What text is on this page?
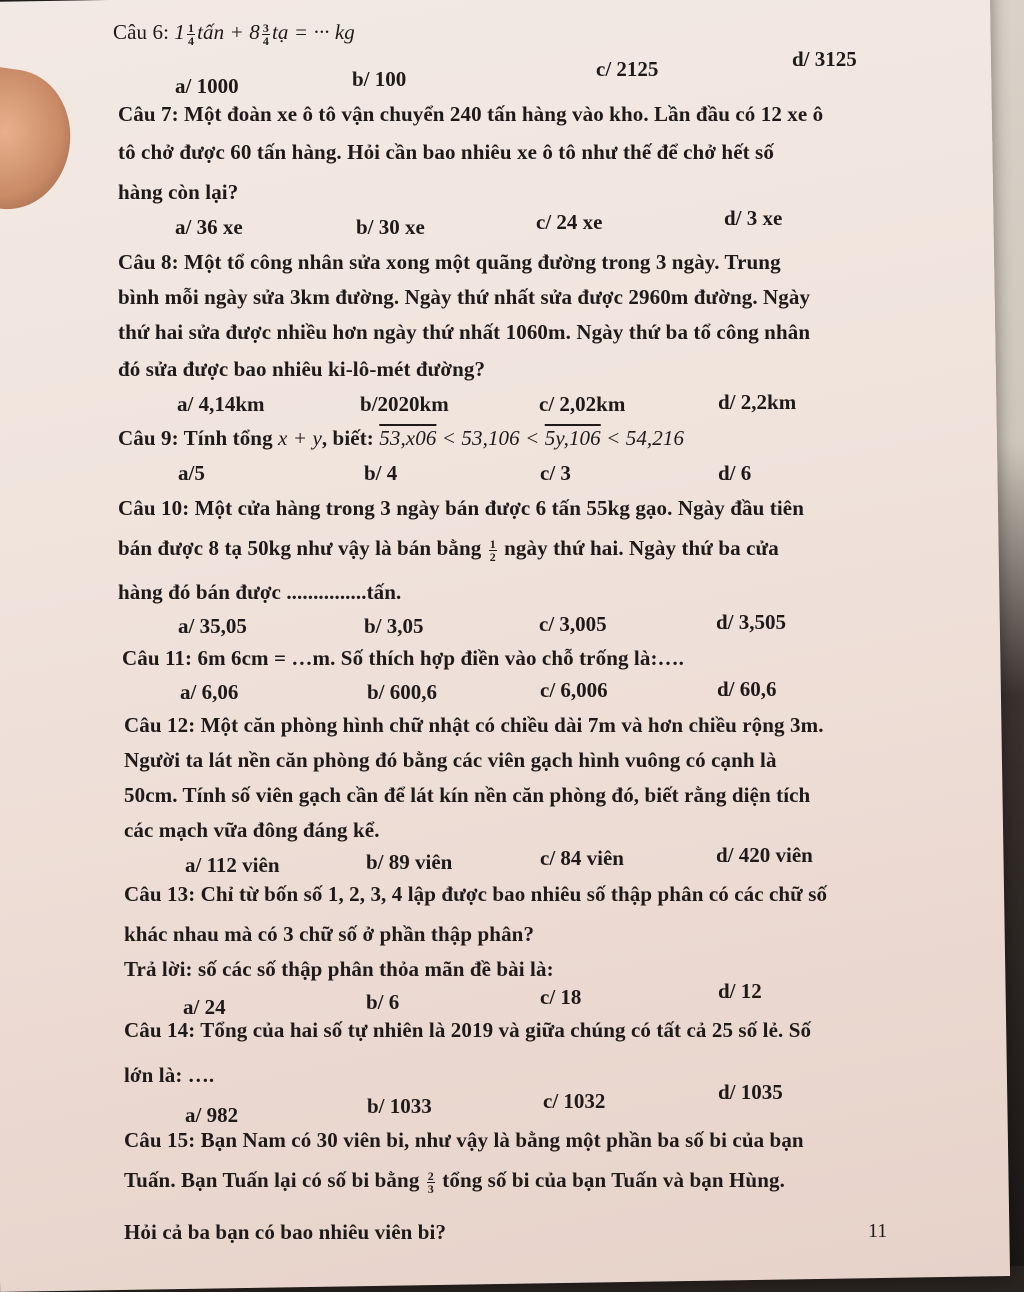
Câu 6: $1 \frac{1}{4}$ tấn + $8 \frac{3}{4}$ tạ = ··· kg
a/ 1000	b/ 100	c/ 2125	d/ 3125
Câu 7: Một đoàn xe ô tô vận chuyển 240 tấn hàng vào kho. Lần đầu có 12 xe ô
tô chở được 60 tấn hàng. Hỏi cần bao nhiêu xe ô tô như thế để chở hết số
hàng còn lại?
a/ 36 xe	b/ 30 xe	c/ 24 xe	d/ 3 xe
Câu 8: Một tổ công nhân sửa xong một quãng đường trong 3 ngày. Trung
bình mỗi ngày sửa 3km đường. Ngày thứ nhất sửa được 2960m đường. Ngày
thứ hai sửa được nhiều hơn ngày thứ nhất 1060m. Ngày thứ ba tổ công nhân
đó sửa được bao nhiêu ki-lô-mét đường?
a/ 4,14km	b/2020km	c/ 2,02km	d/ 2,2km
Câu 9: Tính tổng x + y, biết: 53,x06 < 53,106 < 5y,106 < 54,216
a/5	b/ 4	c/ 3	d/ 6
Câu 10: Một cửa hàng trong 3 ngày bán được 6 tấn 55kg gạo. Ngày đầu tiên
bán được 8 tạ 50kg như vậy là bán bằng $\frac{1}{2}$ ngày thứ hai. Ngày thứ ba cửa
hàng đó bán được ...............tấn.
a/ 35,05	b/ 3,05	c/ 3,005	d/ 3,505
Câu 11: 6m 6cm = …m. Số thích hợp điền vào chỗ trống là:….
a/ 6,06	b/ 600,6	c/ 6,006	d/ 60,6
Câu 12: Một căn phòng hình chữ nhật có chiều dài 7m và hơn chiều rộng 3m.
Người ta lát nền căn phòng đó bằng các viên gạch hình vuông có cạnh là
50cm. Tính số viên gạch cần để lát kín nền căn phòng đó, biết rằng diện tích
các mạch vữa đông đáng kể.
a/ 112 viên	b/ 89 viên	c/ 84 viên	d/ 420 viên
Câu 13: Chỉ từ bốn số 1, 2, 3, 4 lập được bao nhiêu số thập phân có các chữ số
khác nhau mà có 3 chữ số ở phần thập phân?
Trả lời: số các số thập phân thỏa mãn đề bài là:
a/ 24	b/ 6	c/ 18	d/ 12
Câu 14: Tổng của hai số tự nhiên là 2019 và giữa chúng có tất cả 25 số lẻ. Số
lớn là: ….
a/ 982	b/ 1033	c/ 1032	d/ 1035
Câu 15: Bạn Nam có 30 viên bi, như vậy là bằng một phần ba số bi của bạn
Tuấn. Bạn Tuấn lại có số bi bằng $\frac{2}{3}$ tổng số bi của bạn Tuấn và bạn Hùng.
Hỏi cả ba bạn có bao nhiêu viên bi?	11
